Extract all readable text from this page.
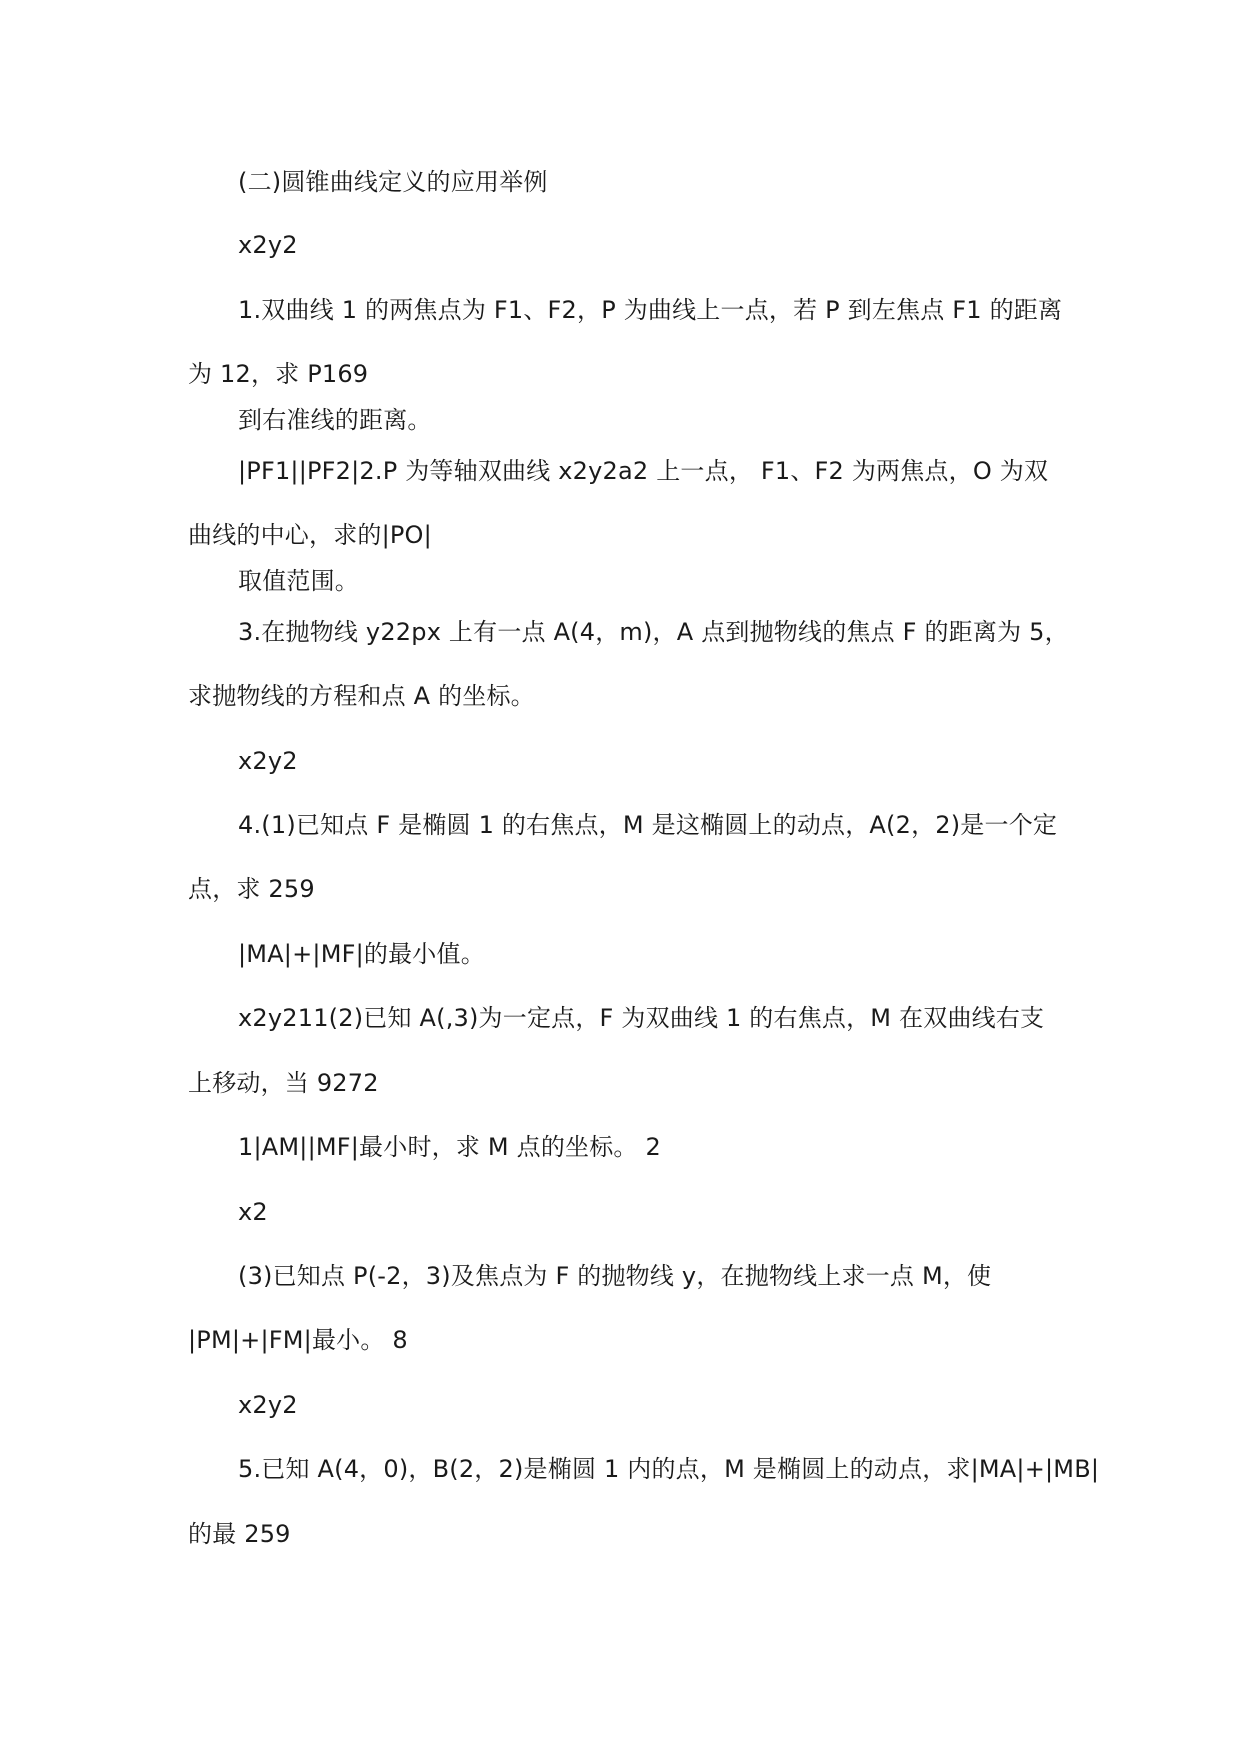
(二)圆锥曲线定义的应用举例
x2y2
1.双曲线 1 的两焦点为 F1、F2，P 为曲线上一点，若 P 到左焦点 F1 的距离
为 12，求 P169
到右准线的距离。
|PF1||PF2|2.P 为等轴双曲线 x2y2a2 上一点， F1、F2 为两焦点，O 为双
曲线的中心，求的|PO|
取值范围。
3.在抛物线 y22px 上有一点 A(4，m)，A 点到抛物线的焦点 F 的距离为 5，
求抛物线的方程和点 A 的坐标。
x2y2
4.(1)已知点 F 是椭圆 1 的右焦点，M 是这椭圆上的动点，A(2，2)是一个定
点，求 259
|MA|+|MF|的最小值。
x2y211(2)已知 A(,3)为一定点，F 为双曲线 1 的右焦点，M 在双曲线右支
上移动，当 9272
1|AM||MF|最小时，求 M 点的坐标。 2
x2
(3)已知点 P(-2，3)及焦点为 F 的抛物线 y，在抛物线上求一点 M，使
|PM|+|FM|最小。 8
x2y2
5.已知 A(4，0)，B(2，2)是椭圆 1 内的点，M 是椭圆上的动点，求|MA|+|MB|
的最 259
